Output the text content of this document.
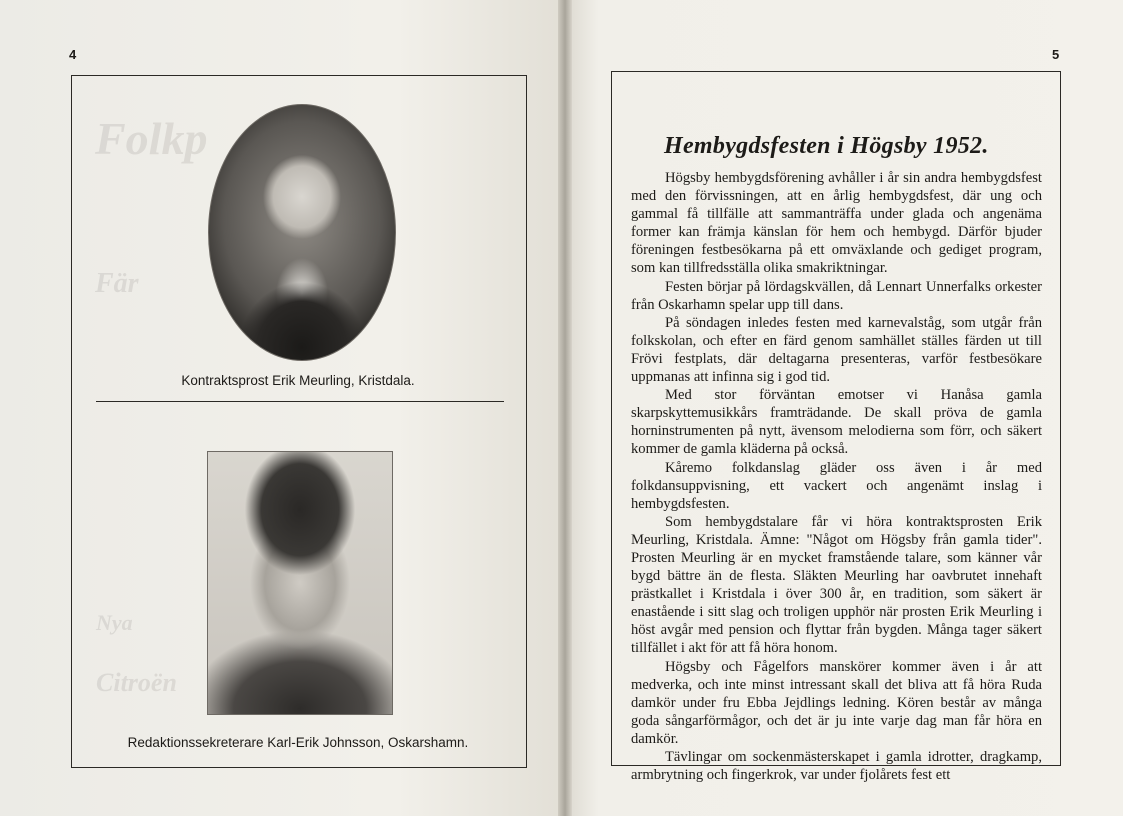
Folkp
Fär
Nya
Citroën
4	5
Kontraktsprost Erik Meurling, Kristdala.
Redaktionssekreterare Karl-Erik Johnsson, Oskarshamn.
Hembygdsfesten i Högsby 1952.

Högsby hembygdsförening avhåller i år sin andra hembygdsfest med den förvissningen, att en årlig hembygdsfest, där ung och gammal få tillfälle att sammanträffa under glada och angenäma former kan främja känslan för hem och hembygd. Därför bjuder föreningen festbesökarna på ett omväxlande och gediget program, som kan tillfredsställa olika smakriktningar.

Festen börjar på lördagskvällen, då Lennart Unnerfalks orkester från Oskarhamn spelar upp till dans.

På söndagen inledes festen med karnevalståg, som utgår från folkskolan, och efter en färd genom samhället ställes färden ut till Frövi festplats, där deltagarna presenteras, varför festbesökare uppmanas att infinna sig i god tid.

Med stor förväntan emotser vi Hanåsa gamla skarpskyttemusikkårs framträdande. De skall pröva de gamla horninstrumenten på nytt, ävensom melodierna som förr, och säkert kommer de gamla kläderna på också.

Kåremo folkdanslag gläder oss även i år med folkdansuppvisning, ett vackert och angenämt inslag i hembygdsfesten.

Som hembygdstalare får vi höra kontraktsprosten Erik Meurling, Kristdala. Ämne: "Något om Högsby från gamla tider". Prosten Meurling är en mycket framstående talare, som känner vår bygd bättre än de flesta. Släkten Meurling har oavbrutet innehaft prästkallet i Kristdala i över 300 år, en tradition, som säkert är enastående i sitt slag och troligen upphör när prosten Erik Meurling i höst avgår med pension och flyttar från bygden. Många tager säkert tillfället i akt för att få höra honom.

Högsby och Fågelfors manskörer kommer även i år att medverka, och inte minst intressant skall det bliva att få höra Ruda damkör under fru Ebba Jejdlings ledning. Kören består av många goda sångarförmågor, och det är ju inte varje dag man får höra en damkör.

Tävlingar om sockenmästerskapet i gamla idrotter, dragkamp, armbrytning och fingerkrok, var under fjolårets fest ett
